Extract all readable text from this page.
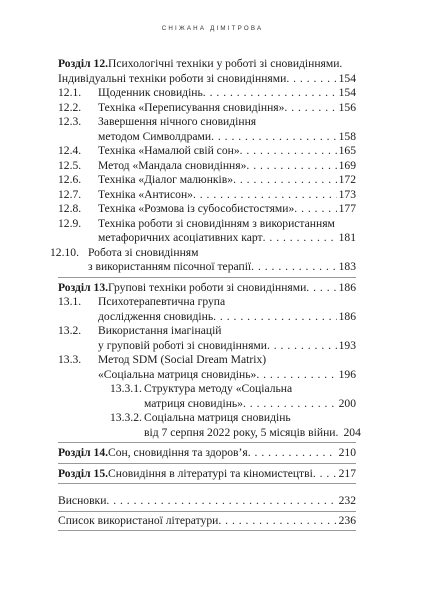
СНІЖАНА ДІМІТРОВА
Розділ 12. Психологічні техніки у роботі зі сновидіннями.
Індивідуальні техніки роботи зі сновидіннями . . .	154
12.1. Щоденник сновидінь . . .	154
12.2. Техніка «Переписування сновидіння» . . .	156
12.3. Завершення нічного сновидіння
методом Символдрами . . .	158
12.4. Техніка «Намалюй свій сон» . . .	165
12.5. Метод «Мандала сновидіння» . . .	169
12.6. Техніка «Діалог малюнків» . . .	172
12.7. Техніка «Антисон» . . .	173
12.8. Техніка «Розмова із субособистостями» . . .	177
12.9. Техніка роботи зі сновидінням з використанням
метафоричних асоціативних карт . . .	181
12.10. Робота зі сновидінням
з використанням пісочної терапії . . .	183
Розділ 13. Групові техніки роботи зі сновидіннями . . .	186
13.1. Психотерапевтична група
дослідження сновидінь . . .	186
13.2. Використання імагінацій
у груповій роботі зі сновидіннями . . .	193
13.3. Метод SDM (Social Dream Matrix)
«Соціальна матриця сновидінь» . . .	196
13.3.1. Структура методу «Соціальна
матриця сновидінь» . . .	200
13.3.2. Соціальна матриця сновидінь
від 7 серпня 2022 року, 5 місяців війни . . . 204
Розділ 14. Сон, сновидіння та здоров’я . . .	210
Розділ 15. Сновидіння в літературі та кіномистецтві . . . 217
Висновки . . .	232
Список використаної літератури . . .	236
